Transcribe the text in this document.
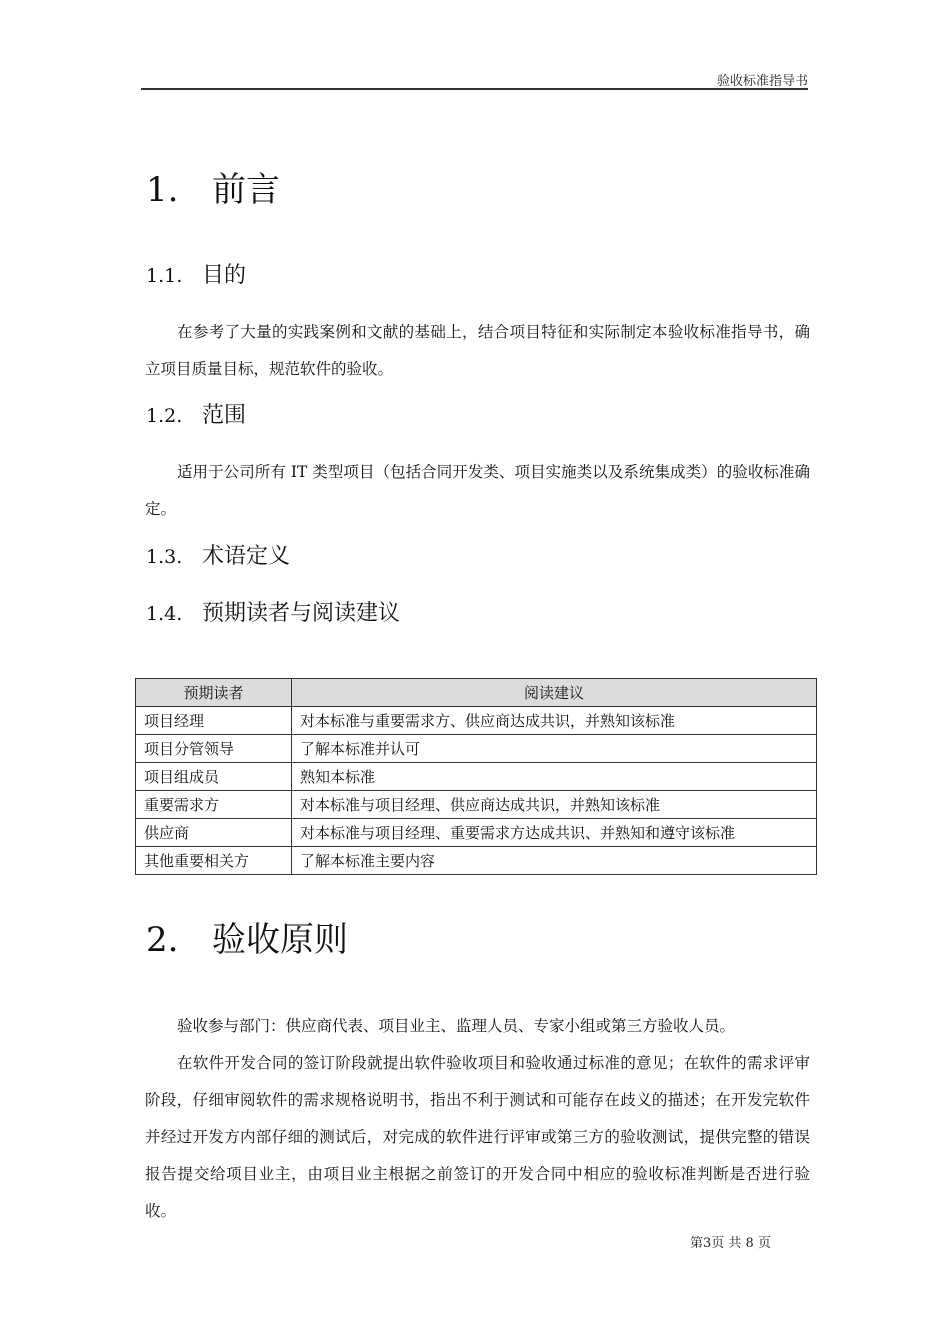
验收标准指导书
1. 前言
1.1. 目的

在参考了大量的实践案例和文献的基础上，结合项目特征和实际制定本验收标准指导书，确立项目质量目标，规范软件的验收。

1.2. 范围

适用于公司所有 IT 类型项目（包括合同开发类、项目实施类以及系统集成类）的验收标准确定。

1.3. 术语定义
1.4. 预期读者与阅读建议
预期读者	阅读建议
项目经理	对本标准与重要需求方、供应商达成共识，并熟知该标准
项目分管领导	了解本标准并认可
项目组成员	熟知本标准
重要需求方	对本标准与项目经理、供应商达成共识，并熟知该标准
供应商	对本标准与项目经理、重要需求方达成共识、并熟知和遵守该标准
其他重要相关方	了解本标准主要内容
2. 验收原则

验收参与部门：供应商代表、项目业主、监理人员、专家小组或第三方验收人员。

在软件开发合同的签订阶段就提出软件验收项目和验收通过标准的意见；在软件的需求评审阶段，仔细审阅软件的需求规格说明书，指出不利于测试和可能存在歧义的描述；在开发完软件并经过开发方内部仔细的测试后，对完成的软件进行评审或第三方的验收测试，提供完整的错误报告提交给项目业主，由项目业主根据之前签订的开发合同中相应的验收标准判断是否进行验收。

第3页 共 8 页
